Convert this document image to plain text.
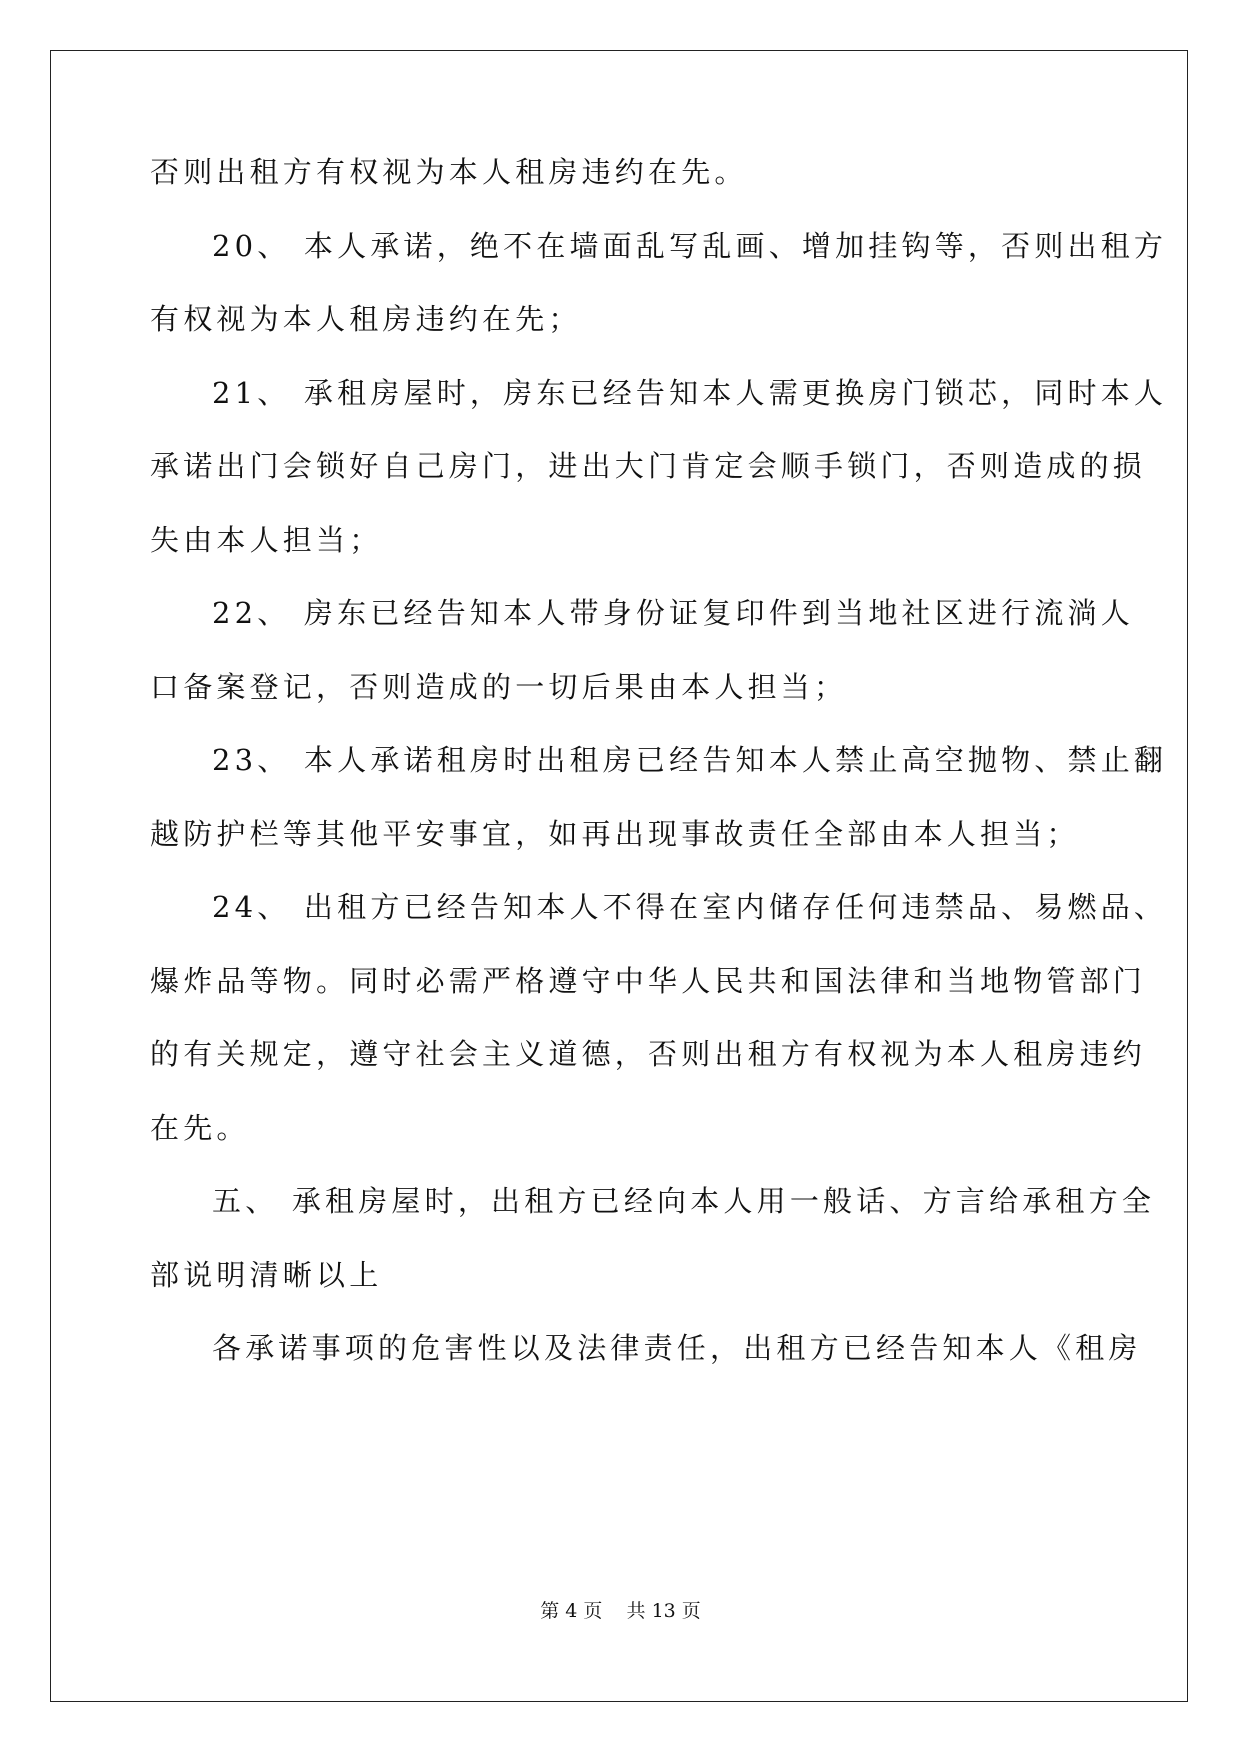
否则出租方有权视为本人租房违约在先。
20、 本人承诺，绝不在墙面乱写乱画、增加挂钩等，否则出租方
有权视为本人租房违约在先；
21、 承租房屋时，房东已经告知本人需更换房门锁芯，同时本人
承诺出门会锁好自己房门，进出大门肯定会顺手锁门，否则造成的损
失由本人担当；
22、 房东已经告知本人带身份证复印件到当地社区进行流淌人
口备案登记，否则造成的一切后果由本人担当；
23、 本人承诺租房时出租房已经告知本人禁止高空抛物、禁止翻
越防护栏等其他平安事宜，如再出现事故责任全部由本人担当；
24、 出租方已经告知本人不得在室内储存任何违禁品、易燃品、
爆炸品等物。同时必需严格遵守中华人民共和国法律和当地物管部门
的有关规定，遵守社会主义道德，否则出租方有权视为本人租房违约
在先。
五、 承租房屋时，出租方已经向本人用一般话、方言给承租方全
部说明清晰以上
各承诺事项的危害性以及法律责任，出租方已经告知本人《租房
第 4 页    共 13 页
